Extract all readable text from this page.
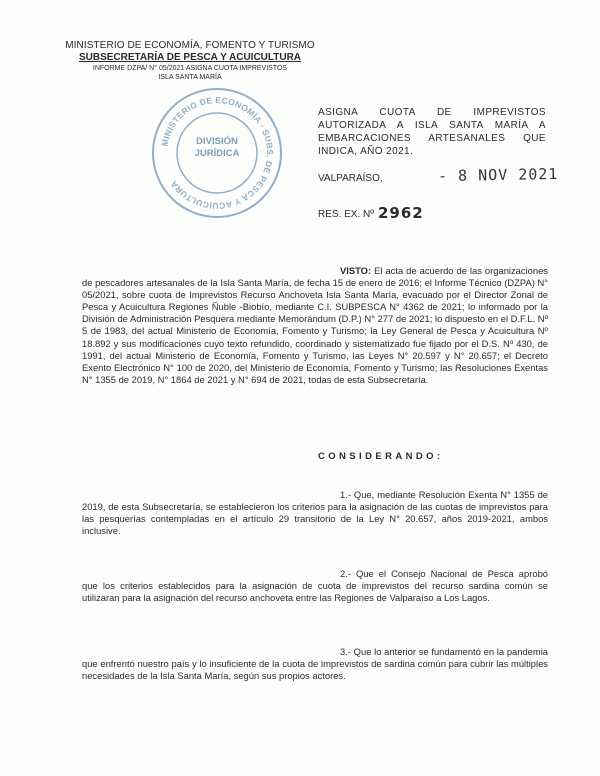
MINISTERIO DE ECONOMÍA, FOMENTO Y TURISMO
SUBSECRETARÍA DE PESCA Y ACUICULTURA
INFORME DZPA/ N° 05/2021 ASIGNA CUOTA IMPREVISTOS
ISLA SANTA MARÍA
MINISTERIO DE ECONOMÍA - SUBS. DE PESCA Y ACUICULTURA
DIVISIÓN
JURÍDICA
ASIGNA CUOTA DE IMPREVISTOS AUTORIZADA A ISLA SANTA MARÍA A EMBARCACIONES ARTESANALES QUE INDICA, AÑO 2021.
VALPARAÍSO,	- 8 NOV 2021
RES. EX. Nº 2962
VISTO: El acta de acuerdo de las organizaciones de pescadores artesanales de la Isla Santa María, de fecha 15 de enero de 2016; el Informe Técnico (DZPA) N° 05/2021, sobre cuota de Imprevistos Recurso Anchoveta Isla Santa María, evacuado por el Director Zonal de Pesca y Acuicultura Regiones Ñuble -Biobío, mediante C.I. SUBPESCA N° 4362 de 2021; lo informado por la División de Administración Pesquera mediante Memorándum (D.P.) N° 277 de 2021; lo dispuesto en el D.F.L. Nº 5 de 1983, del actual Ministerio de Economía, Fomento y Turismo; la Ley General de Pesca y Acuicultura Nº 18.892 y sus modificaciones cuyo texto refundido, coordinado y sistematizado fue fijado por el D.S. Nº 430, de 1991, del actual Ministerio de Economía, Fomento y Turismo, las Leyes N° 20.597 y N° 20.657; el Decreto Exento Electrónico N° 100 de 2020, del Ministerio de Economía, Fomento y Turismo; las Resoluciones Exentas N° 1355 de 2019, N° 1864 de 2021 y N° 694 de 2021, todas de esta Subsecretaría.
CONSIDERANDO:
1.- Que, mediante Resolución Exenta N° 1355 de 2019, de esta Subsecretaría, se establecieron los criterios para la asignación de las cuotas de imprevistos para las pesquerías contempladas en el artículo 29 transitorio de la Ley N° 20.657, años 2019-2021, ambos inclusive.
2.- Que el Consejo Nacional de Pesca aprobó que los criterios establecidos para la asignación de cuota de imprevistos del recurso sardina común se utilizaran para la asignación del recurso anchoveta entre las Regiones de Valparaíso a Los Lagos.
3.- Que lo anterior se fundamentó en la pandemia que enfrentó nuestro país y lo insuficiente de la cuota de imprevistos de sardina común para cubrir las múltiples necesidades de la Isla Santa María, según sus propios actores.
